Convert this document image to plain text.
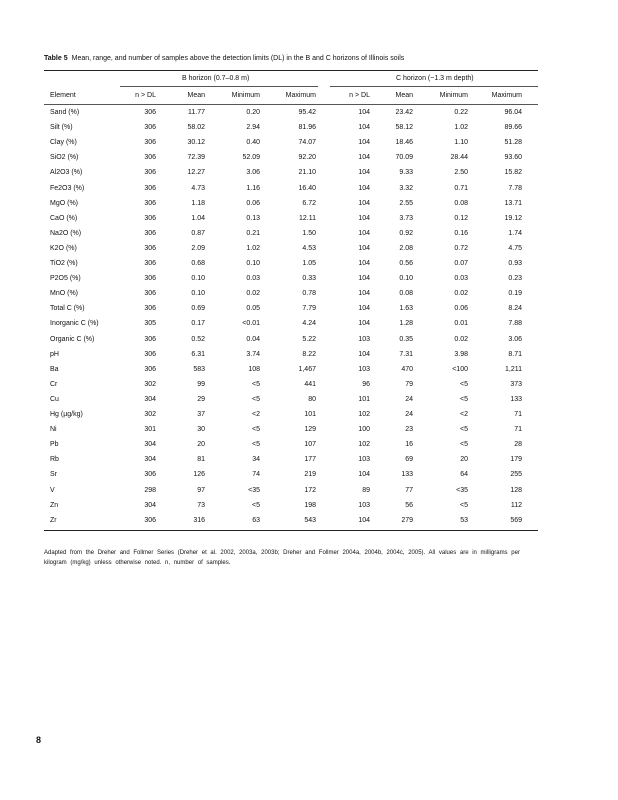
Table 5 Mean, range, and number of samples above the detection limits (DL) in the B and C horizons of Illinois soils
B horizon (0.7–0.8 m)	C horizon (~1.3 m depth)
Element	n > DL	Mean	Minimum	Maximum	n > DL	Mean	Minimum	Maximum
Sand (%)	306	11.77	0.20	95.42	104	23.42	0.22	96.04
Silt (%)	306	58.02	2.94	81.96	104	58.12	1.02	89.66
Clay (%)	306	30.12	0.40	74.07	104	18.46	1.10	51.28
SiO2 (%)	306	72.39	52.09	92.20	104	70.09	28.44	93.60
Al2O3 (%)	306	12.27	3.06	21.10	104	9.33	2.50	15.82
Fe2O3 (%)	306	4.73	1.16	16.40	104	3.32	0.71	7.78
MgO (%)	306	1.18	0.06	6.72	104	2.55	0.08	13.71
CaO (%)	306	1.04	0.13	12.11	104	3.73	0.12	19.12
Na2O (%)	306	0.87	0.21	1.50	104	0.92	0.16	1.74
K2O (%)	306	2.09	1.02	4.53	104	2.08	0.72	4.75
TiO2 (%)	306	0.68	0.10	1.05	104	0.56	0.07	0.93
P2O5 (%)	306	0.10	0.03	0.33	104	0.10	0.03	0.23
MnO (%)	306	0.10	0.02	0.78	104	0.08	0.02	0.19
Total C (%)	306	0.69	0.05	7.79	104	1.63	0.06	8.24
Inorganic C (%)	305	0.17	<0.01	4.24	104	1.28	0.01	7.88
Organic C (%)	306	0.52	0.04	5.22	103	0.35	0.02	3.06
pH	306	6.31	3.74	8.22	104	7.31	3.98	8.71
Ba	306	583	108	1,467	103	470	<100	1,211
Cr	302	99	<5	441	96	79	<5	373
Cu	304	29	<5	80	101	24	<5	133
Hg (µg/kg)	302	37	<2	101	102	24	<2	71
Ni	301	30	<5	129	100	23	<5	71
Pb	304	20	<5	107	102	16	<5	28
Rb	304	81	34	177	103	69	20	179
Sr	306	126	74	219	104	133	64	255
V	298	97	<35	172	89	77	<35	128
Zn	304	73	<5	198	103	56	<5	112
Zr	306	316	63	543	104	279	53	569
Adapted from the Dreher and Follmer Series (Dreher et al. 2002, 2003a, 2003b; Dreher and Follmer 2004a, 2004b, 2004c, 2005). All values are in milligrams per kilogram (mg/kg) unless otherwise noted. n, number of samples.
8
